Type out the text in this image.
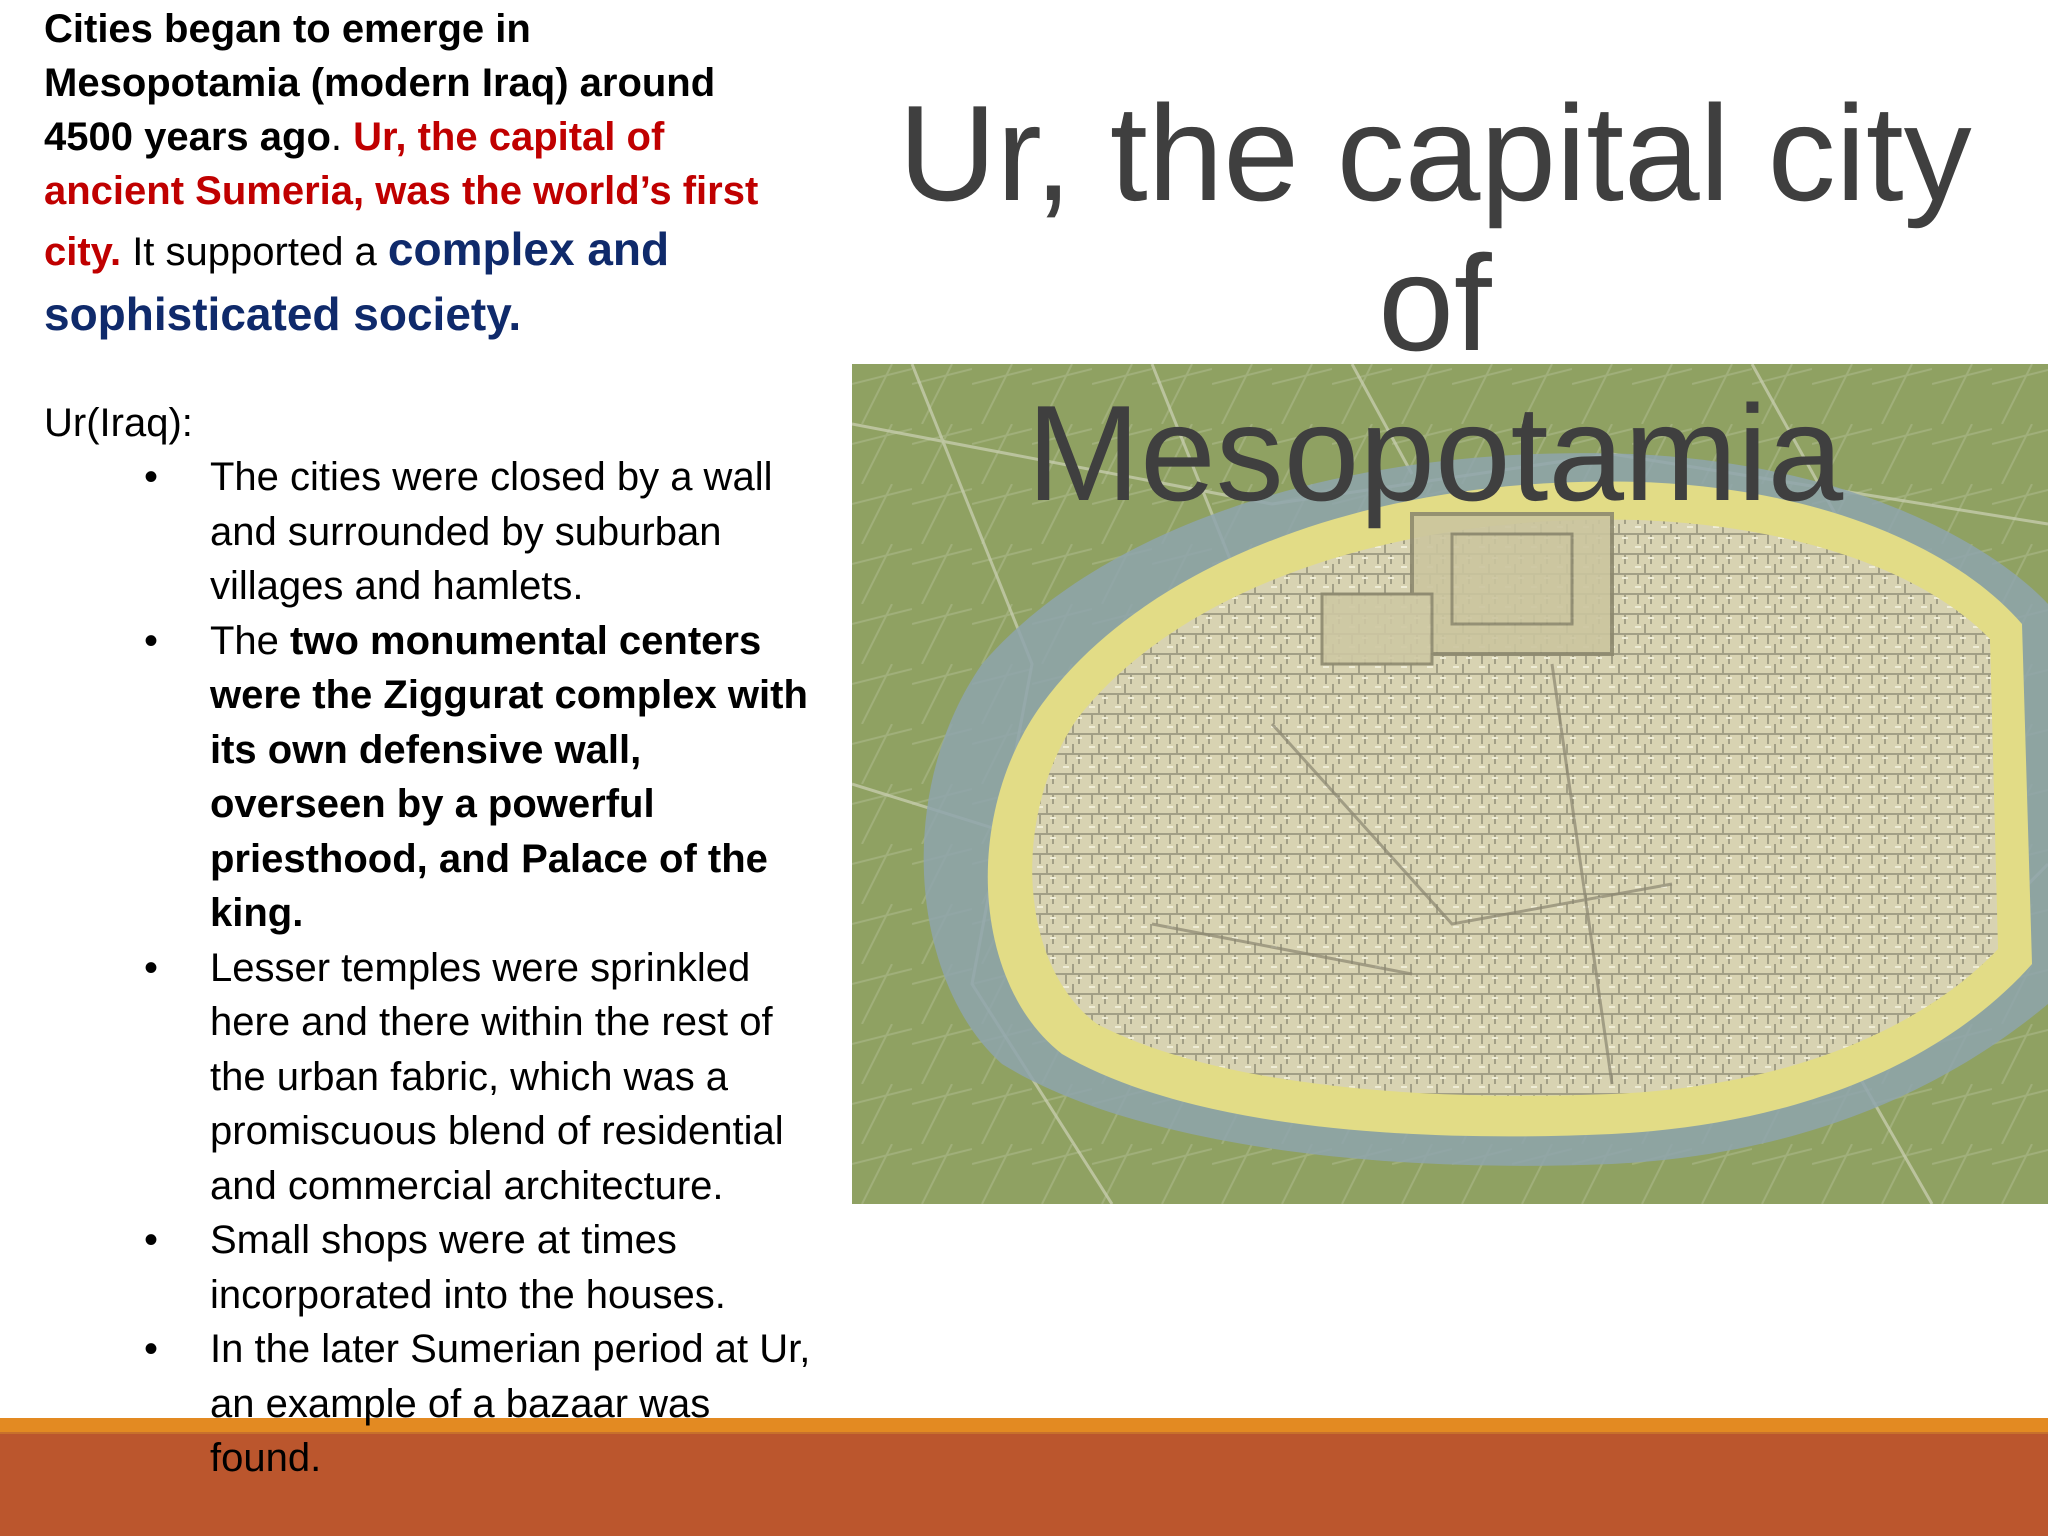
Ur, the capital city of
Mesopotamia
Cities began to emerge in
Mesopotamia (modern Iraq) around
4500 years ago. Ur, the capital of
ancient Sumeria, was the world’s first
city. It supported a complex and
sophisticated society.
Ur(Iraq):
• The cities were closed by a wall
and surrounded by suburban
villages and hamlets.
• The two monumental centers
were the Ziggurat complex with
its own defensive wall,
overseen by a powerful
priesthood, and Palace of the
king.
• Lesser temples were sprinkled
here and there within the rest of
the urban fabric, which was a
promiscuous blend of residential
and commercial architecture.
• Small shops were at times
incorporated into the houses.
• In the later Sumerian period at Ur,
an example of a bazaar was
found.
